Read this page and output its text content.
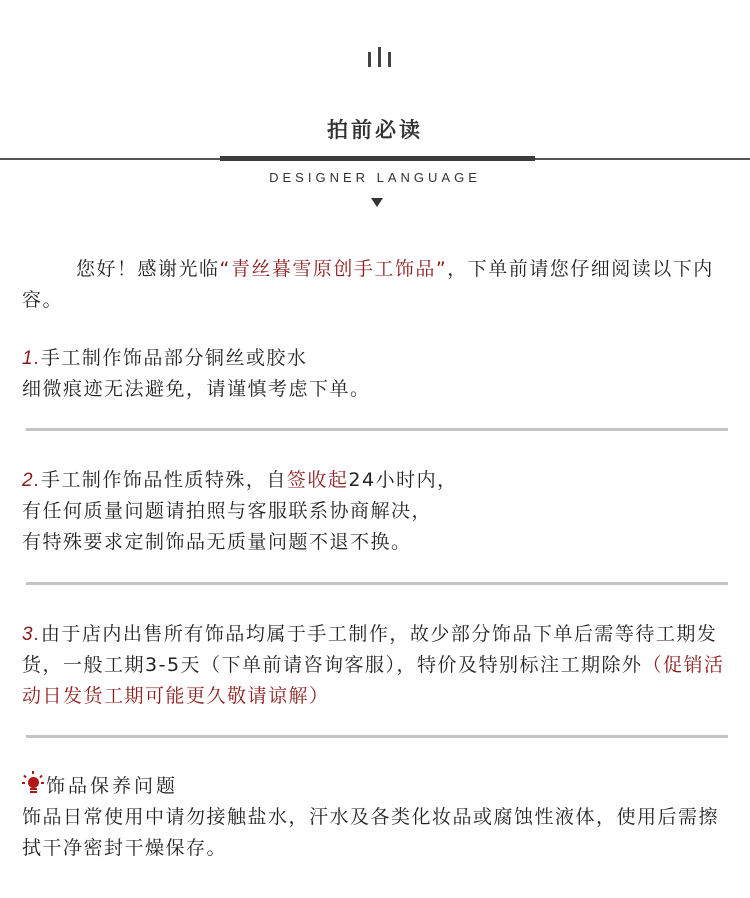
拍前必读
DESIGNER LANGUAGE
您好！感谢光临“青丝暮雪原创手工饰品”，下单前请您仔细阅读以下内容。
1.手工制作饰品部分铜丝或胶水
细微痕迹无法避免，请谨慎考虑下单。
2.手工制作饰品性质特殊，自签收起24小时内，
有任何质量问题请拍照与客服联系协商解决，
有特殊要求定制饰品无质量问题不退不换。
3.由于店内出售所有饰品均属于手工制作，故少部分饰品下单后需等待工期发货，一般工期3-5天（下单前请咨询客服），特价及特别标注工期除外（促销活动日发货工期可能更久敬请谅解）
饰品保养问题
饰品日常使用中请勿接触盐水，汗水及各类化妆品或腐蚀性液体，使用后需擦拭干净密封干燥保存。
